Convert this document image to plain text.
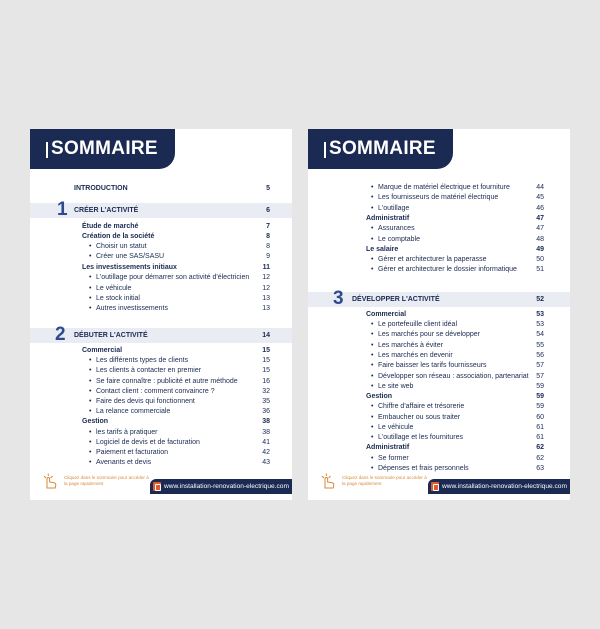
SOMMAIRE
INTRODUCTION	5
1 CRÉER L'ACTIVITÉ	6
Étude de marché	7
Création de la société	8
• Choisir un statut	8
• Créer une SAS/SASU	9
Les investissements initiaux	11
• L'outillage pour démarrer son activité d'électricien 12
• Le véhicule	12
• Le stock initial	13
• Autres investissements	13
2 DÉBUTER L'ACTIVITÉ	14
Commercial	15
• Les différents types de clients	15
• Les clients à contacter en premier	15
• Se faire connaître : publicité et autre méthode	16
• Contact client : comment convaincre ?	32
• Faire des devis qui fonctionnent	35
• La relance commerciale	36
Gestion	38
• les tarifs à pratiquer	38
• Logiciel de devis et de facturation	41
• Paiement et facturation	42
• Avenants et devis	43
Cliquez dans le sommaire pour accéder à la page rapidement	www.installation-renovation-electrique.com
SOMMAIRE
• Marque de matériel électrique et fourniture	44
• Les fournisseurs de matériel électrique	45
• L'outillage	46
Administratif	47
• Assurances	47
• Le comptable	48
Le salaire	49
• Gérer et architecturer la paperasse	50
• Gérer et architecturer le dossier informatique	51
3 DÉVELOPPER L'ACTIVITÉ	52
Commercial	53
• Le portefeuille client idéal	53
• Les marchés pour se développer	54
• Les marchés à éviter	55
• Les marchés en devenir	56
• Faire baisser les tarifs fournisseurs	57
• Développer son réseau : association, partenariat 57
• Le site web	59
Gestion	59
• Chiffre d'affaire et trésorerie	59
• Embaucher ou sous traiter	60
• Le véhicule	61
• L'outillage et les fournitures	61
Administratif	62
• Se former	62
• Dépenses et frais personnels	63
Cliquez dans le sommaire pour accéder à la page rapidement	www.installation-renovation-electrique.com
